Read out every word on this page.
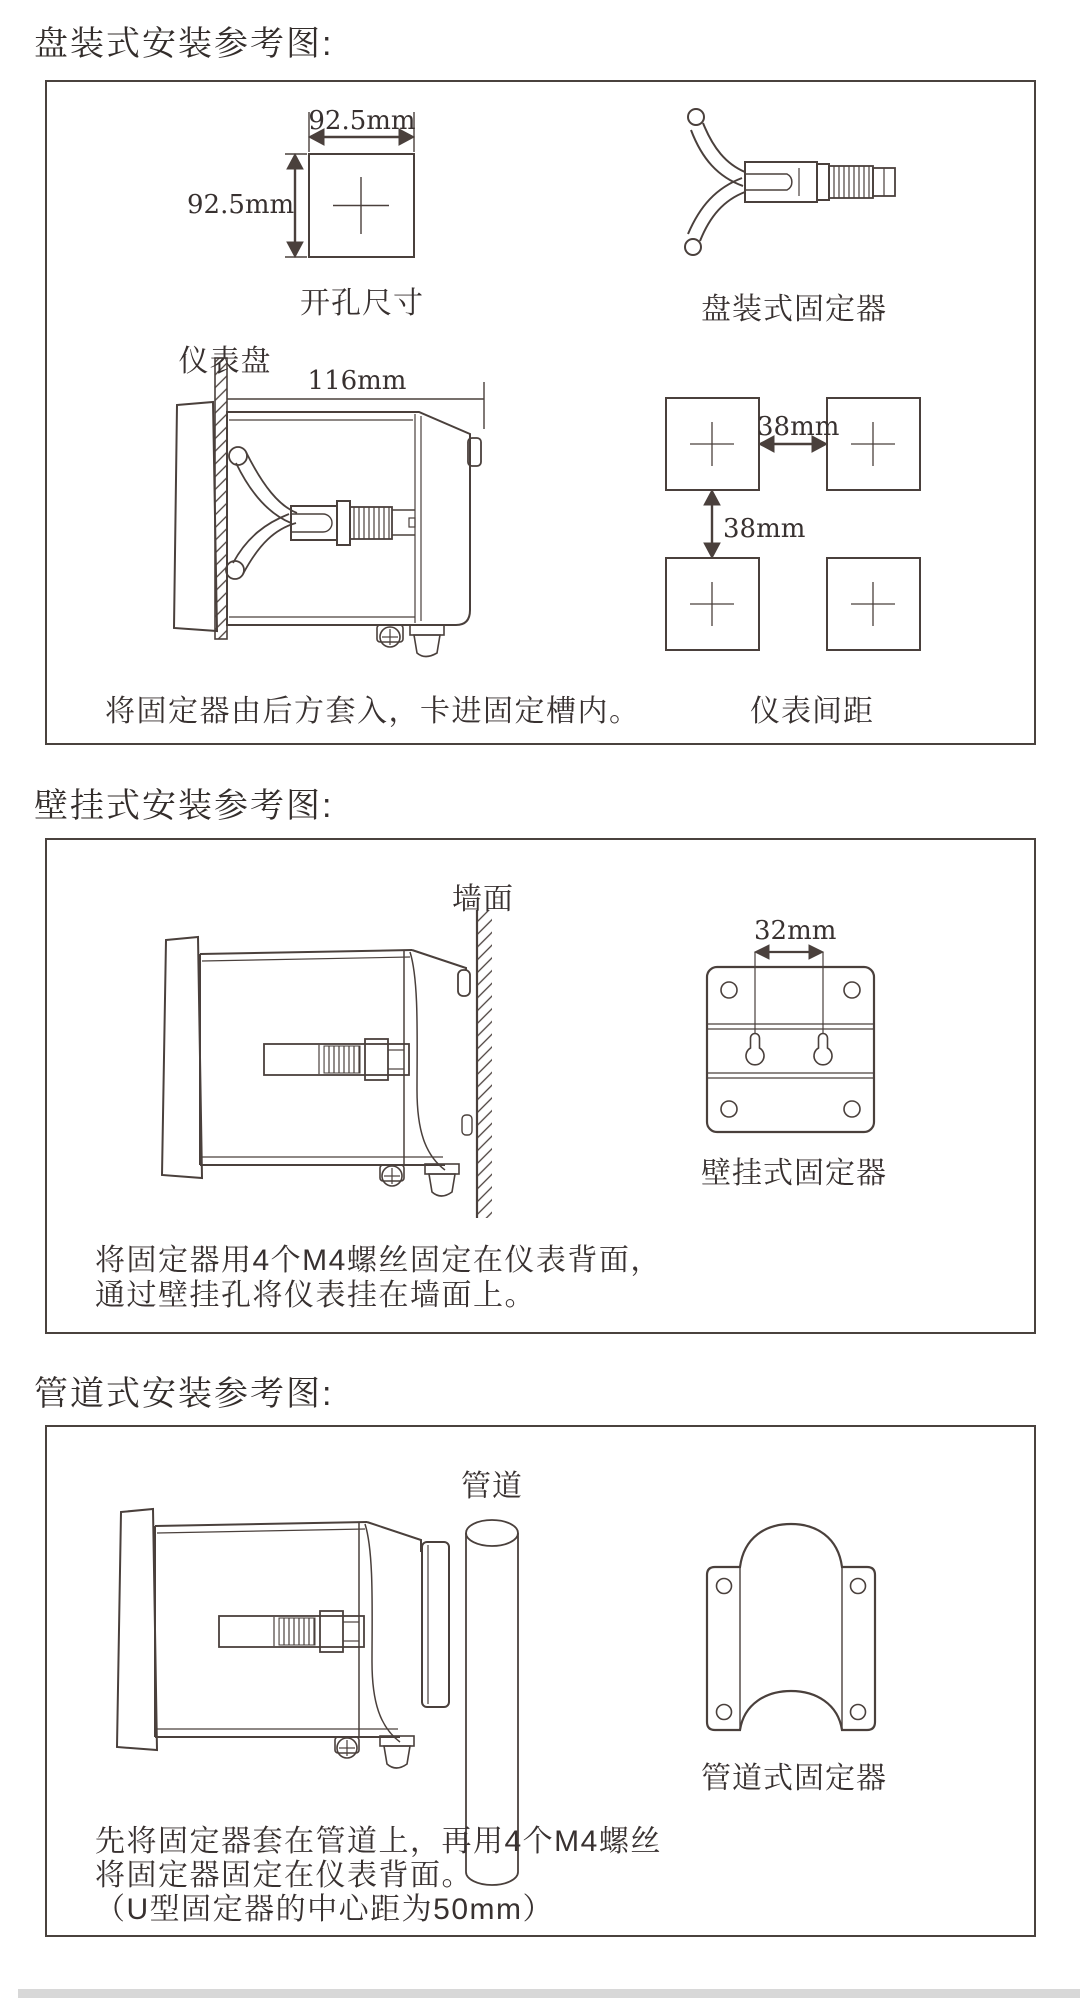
盘装式安装参考图:
92.5mm
92.5mm
开孔尺寸	盘装式固定器
仪表盘
116mm
38mm
38mm
仪表间距
将固定器由后方套入，卡进固定槽内。
壁挂式安装参考图:
墙面
32mm
壁挂式固定器
将固定器用4个M4螺丝固定在仪表背面，
通过壁挂孔将仪表挂在墙面上。
管道式安装参考图:
管道
管道式固定器
先将固定器套在管道上，再用4个M4螺丝
将固定器固定在仪表背面。
（U型固定器的中心距为50mm）
